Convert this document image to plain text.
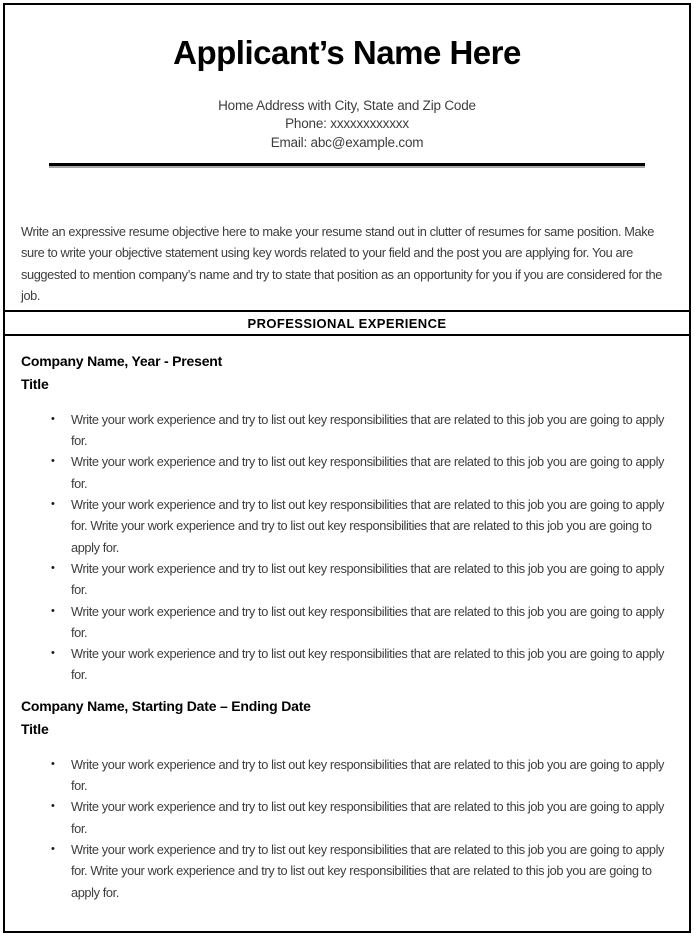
Applicant’s Name Here
Home Address with City, State and Zip Code
Phone: xxxxxxxxxxxx
Email: abc@example.com

Write an expressive resume objective here to make your resume stand out in clutter of resumes for same position. Make sure to write your objective statement using key words related to your field and the post you are applying for. You are suggested to mention company’s name and try to state that position as an opportunity for you if you are considered for the job.

PROFESSIONAL EXPERIENCE
Company Name, Year - Present
Title
•	Write your work experience and try to list out key responsibilities that are related to this job you are going to apply for.
•	Write your work experience and try to list out key responsibilities that are related to this job you are going to apply for.
•	Write your work experience and try to list out key responsibilities that are related to this job you are going to apply for. Write your work experience and try to list out key responsibilities that are related to this job you are going to apply for.
•	Write your work experience and try to list out key responsibilities that are related to this job you are going to apply for.
•	Write your work experience and try to list out key responsibilities that are related to this job you are going to apply for.
•	Write your work experience and try to list out key responsibilities that are related to this job you are going to apply for.
Company Name, Starting Date – Ending Date
Title
•	Write your work experience and try to list out key responsibilities that are related to this job you are going to apply for.
•	Write your work experience and try to list out key responsibilities that are related to this job you are going to apply for.
•	Write your work experience and try to list out key responsibilities that are related to this job you are going to apply for. Write your work experience and try to list out key responsibilities that are related to this job you are going to apply for.
